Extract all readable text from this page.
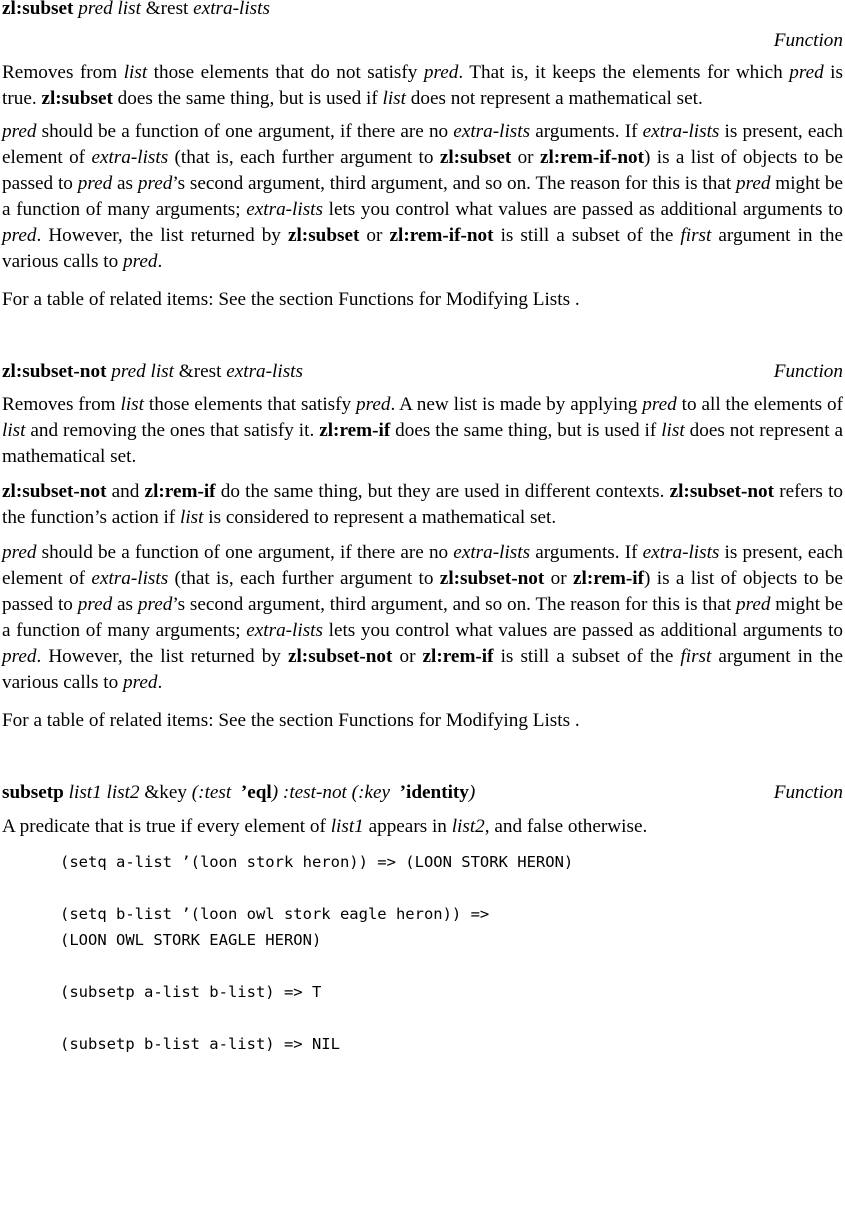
zl:subset pred list &rest extra-lists
Function

Removes from list those elements that do not satisfy pred. That is, it keeps the elements for which pred is true. zl:subset does the same thing, but is used if list does not represent a mathematical set.

pred should be a function of one argument, if there are no extra-lists arguments. If extra-lists is present, each element of extra-lists (that is, each further argument to zl:subset or zl:rem-if-not) is a list of objects to be passed to pred as pred’s second argument, third argument, and so on. The reason for this is that pred might be a function of many arguments; extra-lists lets you control what values are passed as additional arguments to pred. However, the list returned by zl:subset or zl:rem-if-not is still a subset of the first argument in the various calls to pred.

For a table of related items: See the section Functions for Modifying Lists .

zl:subset-not pred list &rest extra-lists	Function

Removes from list those elements that satisfy pred. A new list is made by applying pred to all the elements of list and removing the ones that satisfy it. zl:rem-if does the same thing, but is used if list does not represent a mathematical set.

zl:subset-not and zl:rem-if do the same thing, but they are used in different contexts. zl:subset-not refers to the function’s action if list is considered to represent a mathematical set.

pred should be a function of one argument, if there are no extra-lists arguments. If extra-lists is present, each element of extra-lists (that is, each further argument to zl:subset-not or zl:rem-if) is a list of objects to be passed to pred as pred’s second argument, third argument, and so on. The reason for this is that pred might be a function of many arguments; extra-lists lets you control what values are passed as additional arguments to pred. However, the list returned by zl:subset-not or zl:rem-if is still a subset of the first argument in the various calls to pred.

For a table of related items: See the section Functions for Modifying Lists .

subsetp list1 list2 &key (:test ’eql) :test-not (:key ’identity)	Function

A predicate that is true if every element of list1 appears in list2, and false otherwise.

(setq a-list ’(loon stork heron)) => (LOON STORK HERON)

(setq b-list ’(loon owl stork eagle heron)) =>
(LOON OWL STORK EAGLE HERON)

(subsetp a-list b-list) => T

(subsetp b-list a-list) => NIL
